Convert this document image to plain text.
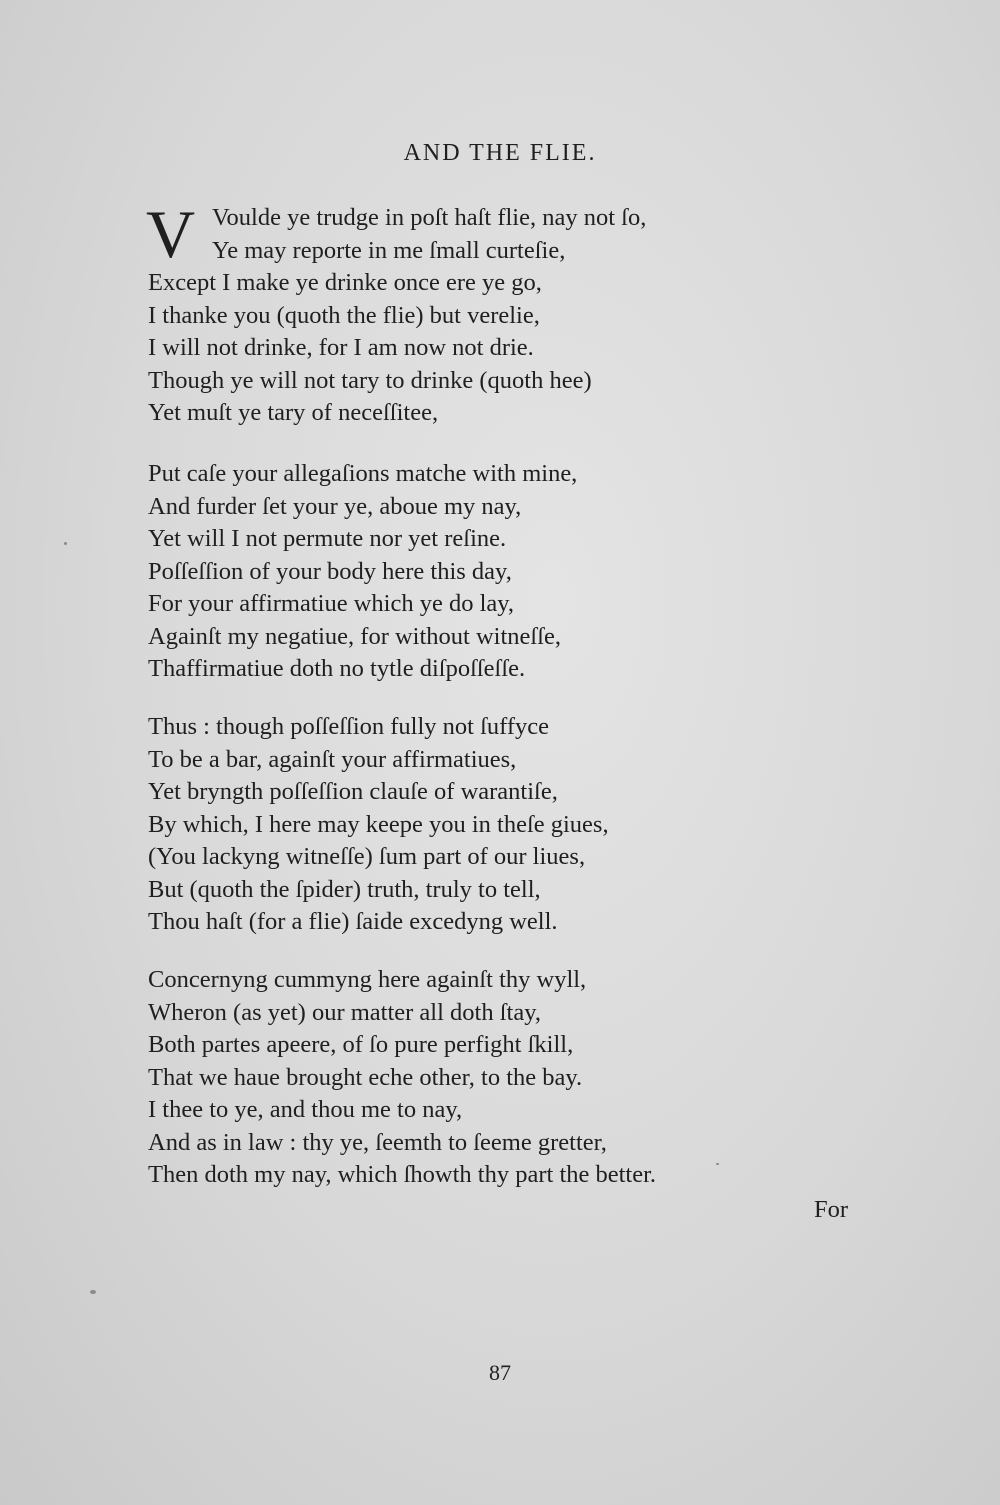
AND THE FLIE.
V Voulde ye trudge in poſt haſt flie, nay not ſo,
Ye may reporte in me ſmall curteſie,
Except I make ye drinke once ere ye go,
I thanke you (quoth the flie) but verelie,
I will not drinke, for I am now not drie.
Though ye will not tary to drinke (quoth hee)
Yet muſt ye tary of neceſſitee,
Put caſe your allegaſions matche with mine,
And furder ſet your ye, aboue my nay,
Yet will I not permute nor yet reſine.
Poſſeſſion of your body here this day,
For your affirmatiue which ye do lay,
Againſt my negatiue, for without witneſſe,
Thaffirmatiue doth no tytle diſpoſſeſſe.
Thus : though poſſeſſion fully not ſuffyce
To be a bar, againſt your affirmatiues,
Yet bryngth poſſeſſion clauſe of warantiſe,
By which, I here may keepe you in theſe giues,
(You lackyng witneſſe) ſum part of our liues,
But (quoth the ſpider) truth, truly to tell,
Thou haſt (for a flie) ſaide excedyng well.
Concernyng cummyng here againſt thy wyll,
Wheron (as yet) our matter all doth ſtay,
Both partes apeere, of ſo pure perfight ſkill,
That we haue brought eche other, to the bay.
I thee to ye, and thou me to nay,
And as in law : thy ye, ſeemth to ſeeme gretter,
Then doth my nay, which ſhowth thy part the better.
For
87
